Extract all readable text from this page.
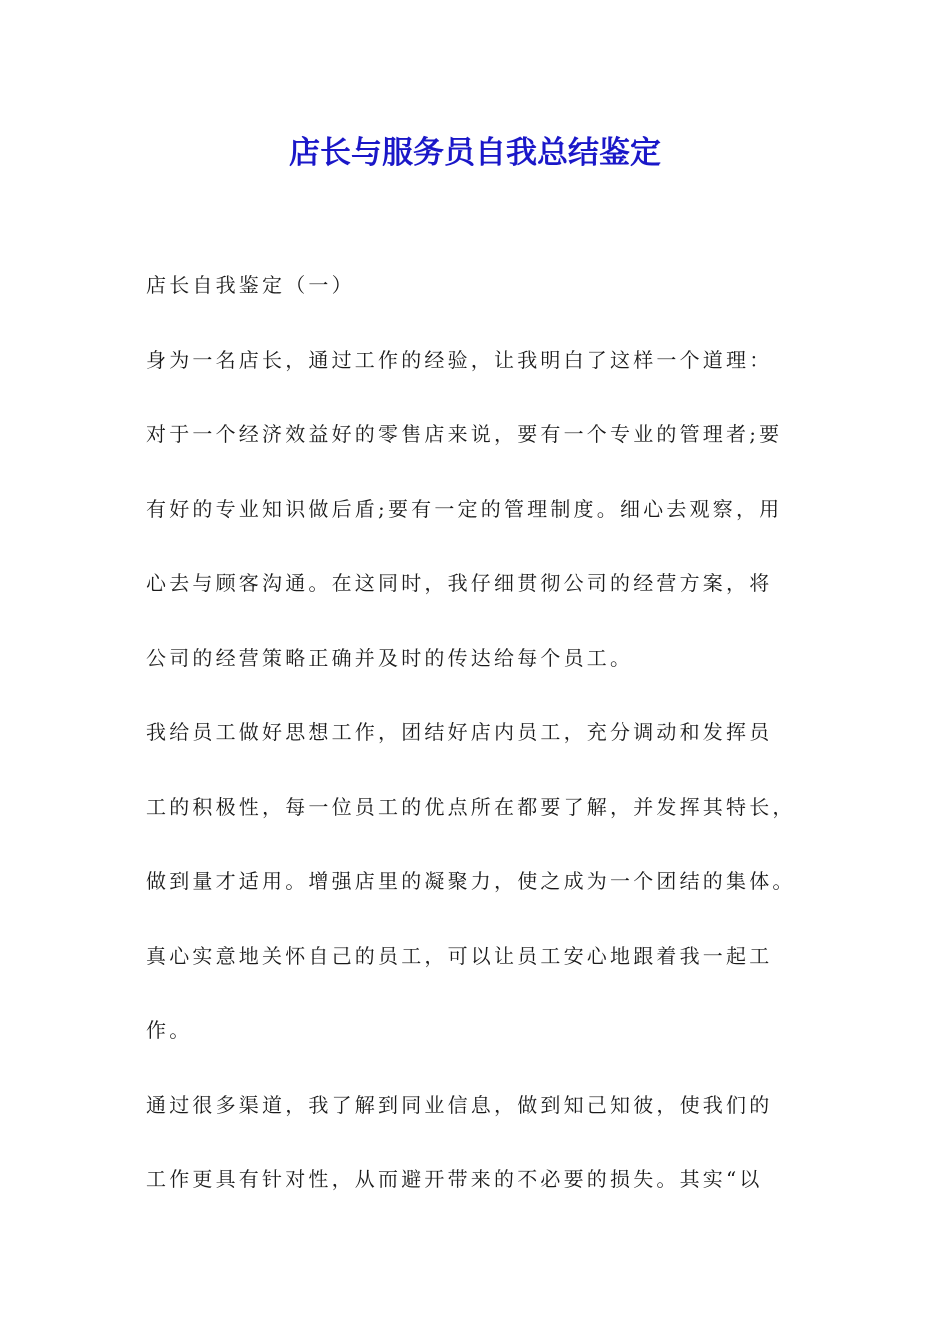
店长与服务员自我总结鉴定

店长自我鉴定（一）

身为一名店长，通过工作的经验，让我明白了这样一个道理：

对于一个经济效益好的零售店来说，要有一个专业的管理者;要

有好的专业知识做后盾;要有一定的管理制度。细心去观察，用

心去与顾客沟通。在这同时，我仔细贯彻公司的经营方案，将

公司的经营策略正确并及时的传达给每个员工。

我给员工做好思想工作，团结好店内员工，充分调动和发挥员

工的积极性，每一位员工的优点所在都要了解，并发挥其特长，

做到量才适用。增强店里的凝聚力，使之成为一个团结的集体。

真心实意地关怀自己的员工，可以让员工安心地跟着我一起工

作。

通过很多渠道，我了解到同业信息，做到知己知彼，使我们的

工作更具有针对性，从而避开带来的不必要的损失。其实“以
